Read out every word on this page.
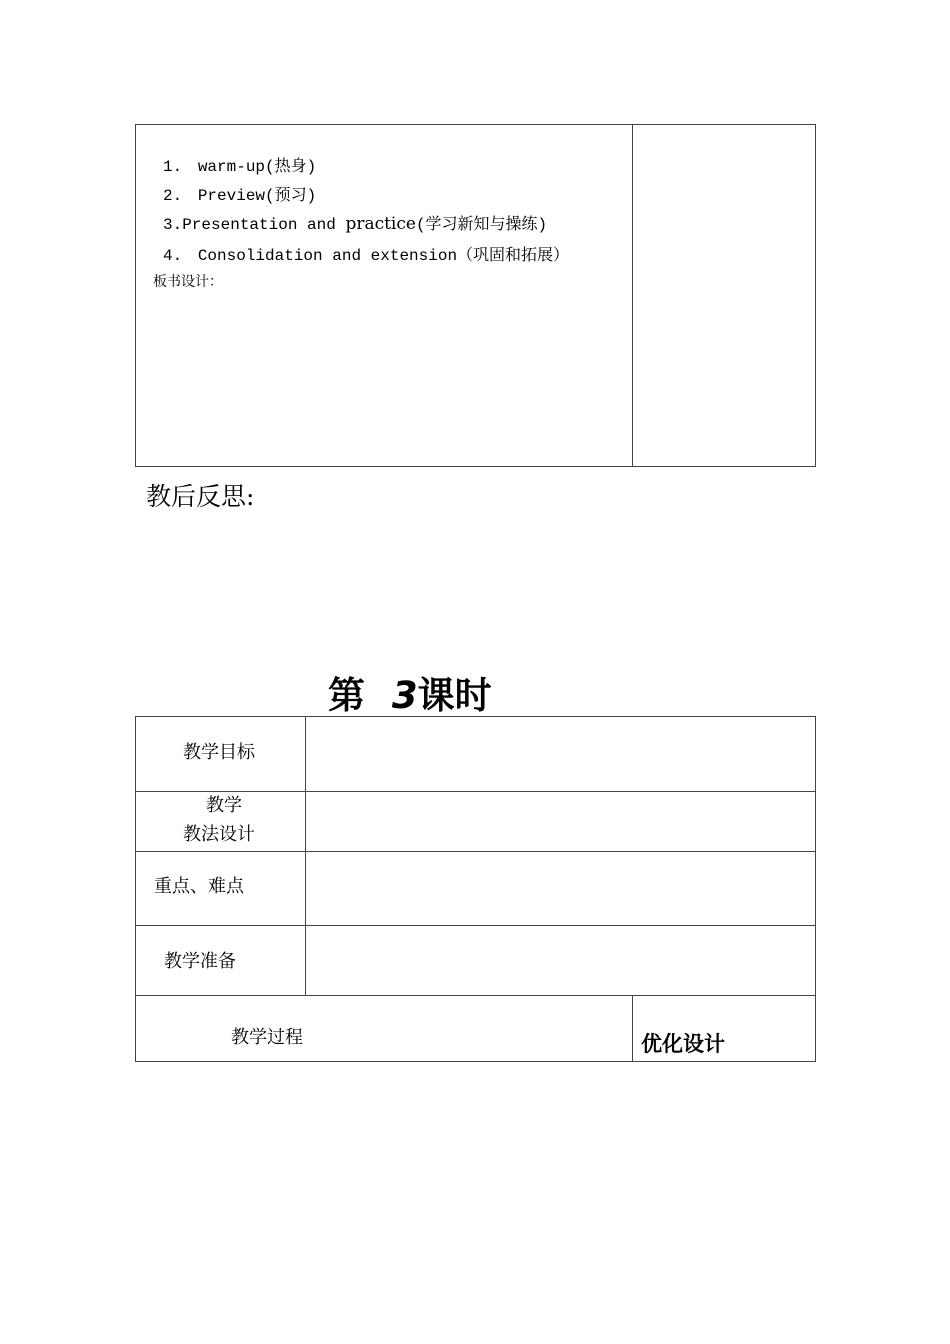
1. warm-up(热身)
2. Preview(预习)
3.Presentation and practice(学习新知与操练)
4. Consolidation and extension（巩固和拓展）
板书设计：
教后反思:
第 3课时
教学目标
教学
教法设计
重点、难点
教学准备
教学过程	优化设计
